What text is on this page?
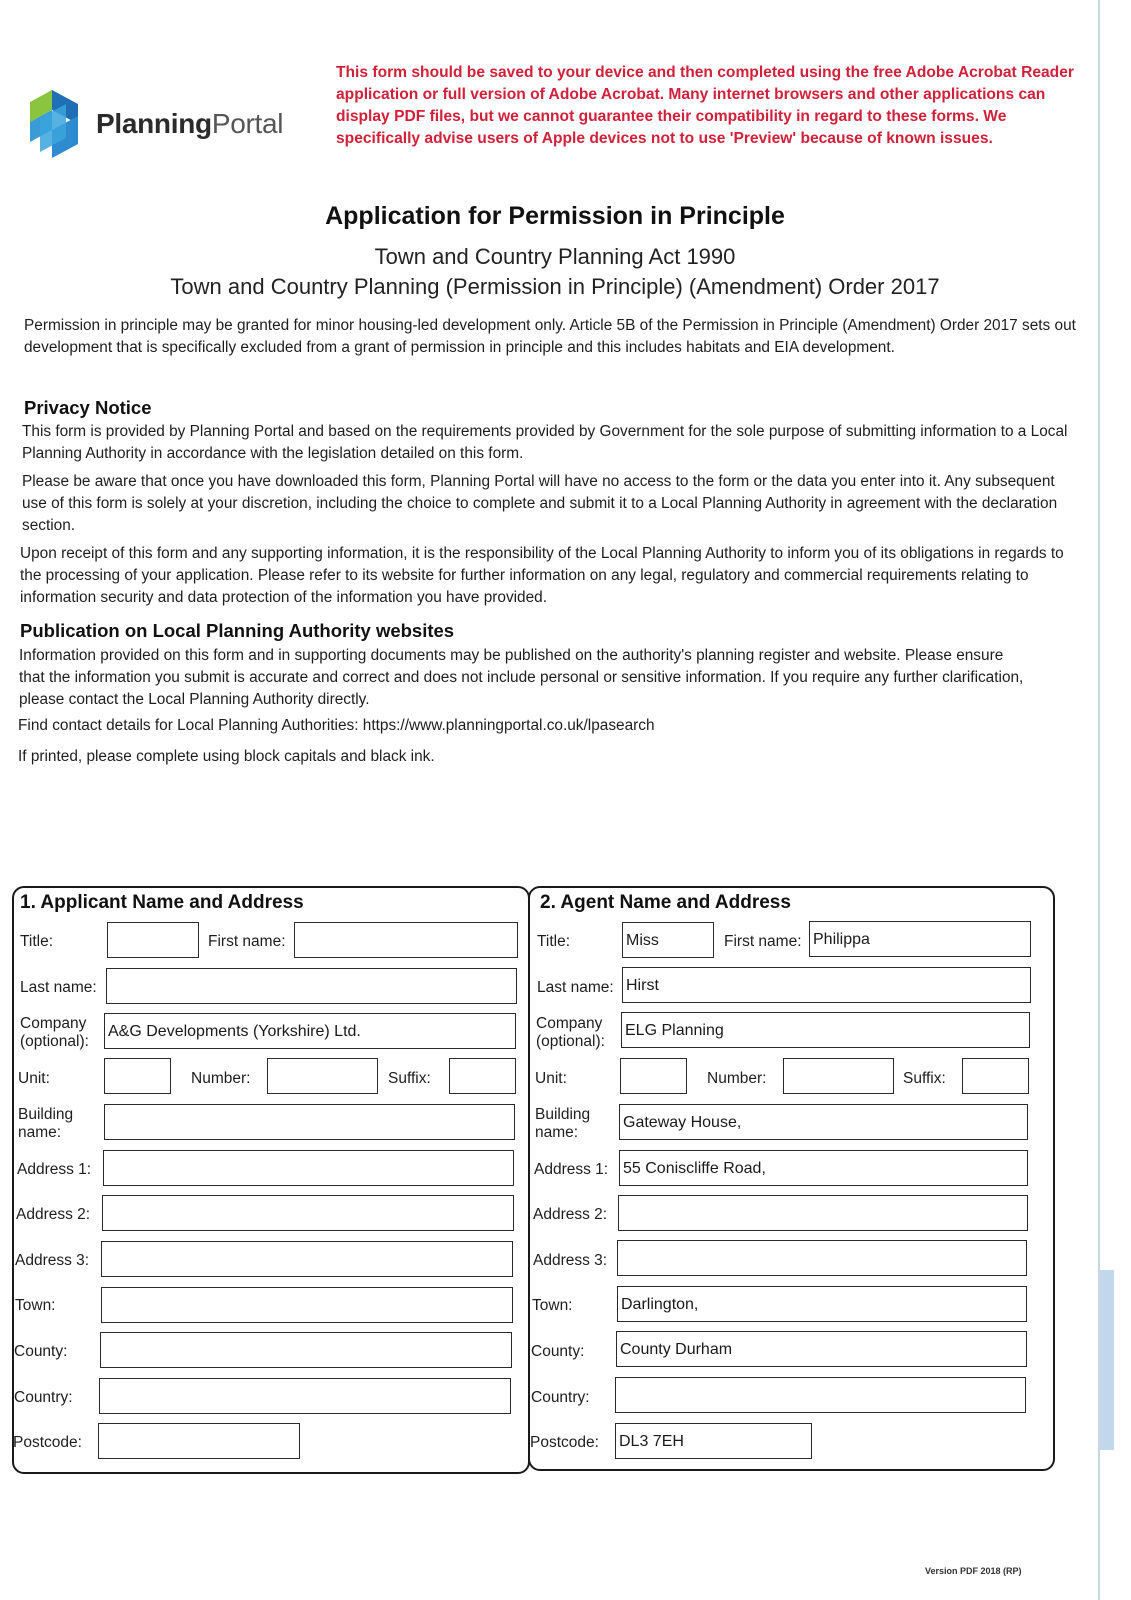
PlanningPortal
This form should be saved to your device and then completed using the free Adobe Acrobat Reader application or full version of Adobe Acrobat. Many internet browsers and other applications can display PDF files, but we cannot guarantee their compatibility in regard to these forms. We specifically advise users of Apple devices not to use 'Preview' because of known issues.
Application for Permission in Principle
Town and Country Planning Act 1990
Town and Country Planning (Permission in Principle) (Amendment) Order 2017
Permission in principle may be granted for minor housing-led development only. Article 5B of the Permission in Principle (Amendment) Order 2017 sets out development that is specifically excluded from a grant of permission in principle and this includes habitats and EIA development.
Privacy Notice
This form is provided by Planning Portal and based on the requirements provided by Government for the sole purpose of submitting information to a Local Planning Authority in accordance with the legislation detailed on this form.
Please be aware that once you have downloaded this form, Planning Portal will have no access to the form or the data you enter into it. Any subsequent use of this form is solely at your discretion, including the choice to complete and submit it to a Local Planning Authority in agreement with the declaration section.
Upon receipt of this form and any supporting information, it is the responsibility of the Local Planning Authority to inform you of its obligations in regards to the processing of your application. Please refer to its website for further information on any legal, regulatory and commercial requirements relating to information security and data protection of the information you have provided.
Publication on Local Planning Authority websites
Information provided on this form and in supporting documents may be published on the authority's planning register and website. Please ensure that the information you submit is accurate and correct and does not include personal or sensitive information. If you require any further clarification, please contact the Local Planning Authority directly.
Find contact details for Local Planning Authorities: https://www.planningportal.co.uk/lpasearch
If printed, please complete using block capitals and black ink.
1. Applicant Name and Address
Title:	First name:
Last name:
Company (optional):
A&G Developments (Yorkshire) Ltd.
Unit:	Number:	Suffix:
Building name:
Address 1:
Address 2:
Address 3:
Town:
County:
Country:
Postcode:
2. Agent Name and Address
Title:	Miss	First name: Philippa
Last name: Hirst
Company (optional):
ELG Planning
Unit:	Number:	Suffix:
Building name:
Gateway House,
Address 1: 55 Coniscliffe Road,
Address 2:
Address 3:
Town:	Darlington,
County: County Durham
Country:
Postcode: DL3 7EH
Version PDF 2018 (RP)
